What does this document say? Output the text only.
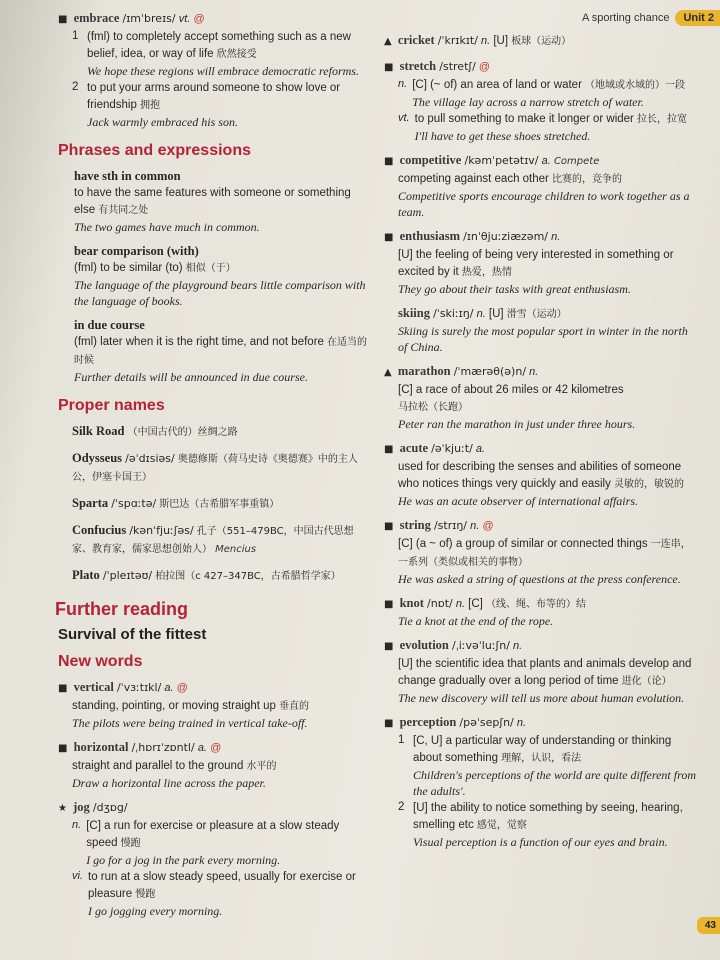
A sporting chance	Unit 2
■ embrace /ɪmˈbreɪs/ vt. @
1 (fml) to completely accept something such as a new belief, idea, or way of life 欣然接受
We hope these regions will embrace democratic reforms.
2 to put your arms around someone to show love or friendship 拥抱
Jack warmly embraced his son.
Phrases and expressions
have sth in common
to have the same features with someone or something else 有共同之处
The two games have much in common.
bear comparison (with)
(fml) to be similar (to) 相似（于）
The language of the playground bears little comparison with the language of books.
in due course
(fml) later when it is the right time, and not before 在适当的时候
Further details will be announced in due course.
Proper names
Silk Road （中国古代的）丝绸之路
Odysseus /əˈdɪsiəs/ 奥德修斯（荷马史诗《奥德赛》中的主人公，伊塞卡国王）
Sparta /ˈspɑːtə/ 斯巴达（古希腊军事重镇）
Confucius /kənˈfjuːʃəs/ 孔子（551–479BC，中国古代思想家、教育家，儒家思想创始人） Mencius
Plato /ˈpleɪtəʊ/ 柏拉图（c 427–347BC，古希腊哲学家）
Further reading
Survival of the fittest
New words
■ vertical /ˈvɜːtɪkl/ a. @
standing, pointing, or moving straight up 垂直的
The pilots were being trained in vertical take-off.
■ horizontal /ˌhɒrɪˈzɒntl/ a. @
straight and parallel to the ground 水平的
Draw a horizontal line across the paper.
★ jog /dʒɒg/
n. [C] a run for exercise or pleasure at a slow steady speed 慢跑
I go for a jog in the park every morning.
vi. to run at a slow steady speed, usually for exercise or pleasure 慢跑
I go jogging every morning.
▲ cricket /ˈkrɪkɪt/ n. [U] 板球（运动）
■ stretch /stretʃ/ @
n. [C] (~ of) an area of land or water （地域或水域的）一段
The village lay across a narrow stretch of water.
vt. to pull something to make it longer or wider 拉长，拉宽
I'll have to get these shoes stretched.
■ competitive /kəmˈpetətɪv/ a. Compete
competing against each other 比赛的，竞争的
Competitive sports encourage children to work together as a team.
■ enthusiasm /ɪnˈθjuːziæzəm/ n.
[U] the feeling of being very interested in something or excited by it 热爱，热情
They go about their tasks with great enthusiasm.
skiing /ˈskiːɪŋ/ n. [U] 滑雪（运动）
Skiing is surely the most popular sport in winter in the north of China.
▲ marathon /ˈmærəθ(ə)n/ n.
[C] a race of about 26 miles or 42 kilometres 马拉松（长跑）
Peter ran the marathon in just under three hours.
■ acute /əˈkjuːt/ a.
used for describing the senses and abilities of someone who notices things very quickly and easily 灵敏的，敏锐的
He was an acute observer of international affairs.
■ string /strɪŋ/ n. @
[C] (a ~ of) a group of similar or connected things 一连串，一系列（类似或相关的事物）
He was asked a string of questions at the press conference.
■ knot /nɒt/ n. [C] （线、绳、布等的）结
Tie a knot at the end of the rope.
■ evolution /ˌiːvəˈluːʃn/ n.
[U] the scientific idea that plants and animals develop and change gradually over a long period of time 进化（论）
The new discovery will tell us more about human evolution.
■ perception /pəˈsepʃn/ n.
1 [C, U] a particular way of understanding or thinking about something 理解，认识，看法
Children's perceptions of the world are quite different from the adults'.
2 [U] the ability to notice something by seeing, hearing, smelling etc 感觉，觉察
Visual perception is a function of our eyes and brain.
43
